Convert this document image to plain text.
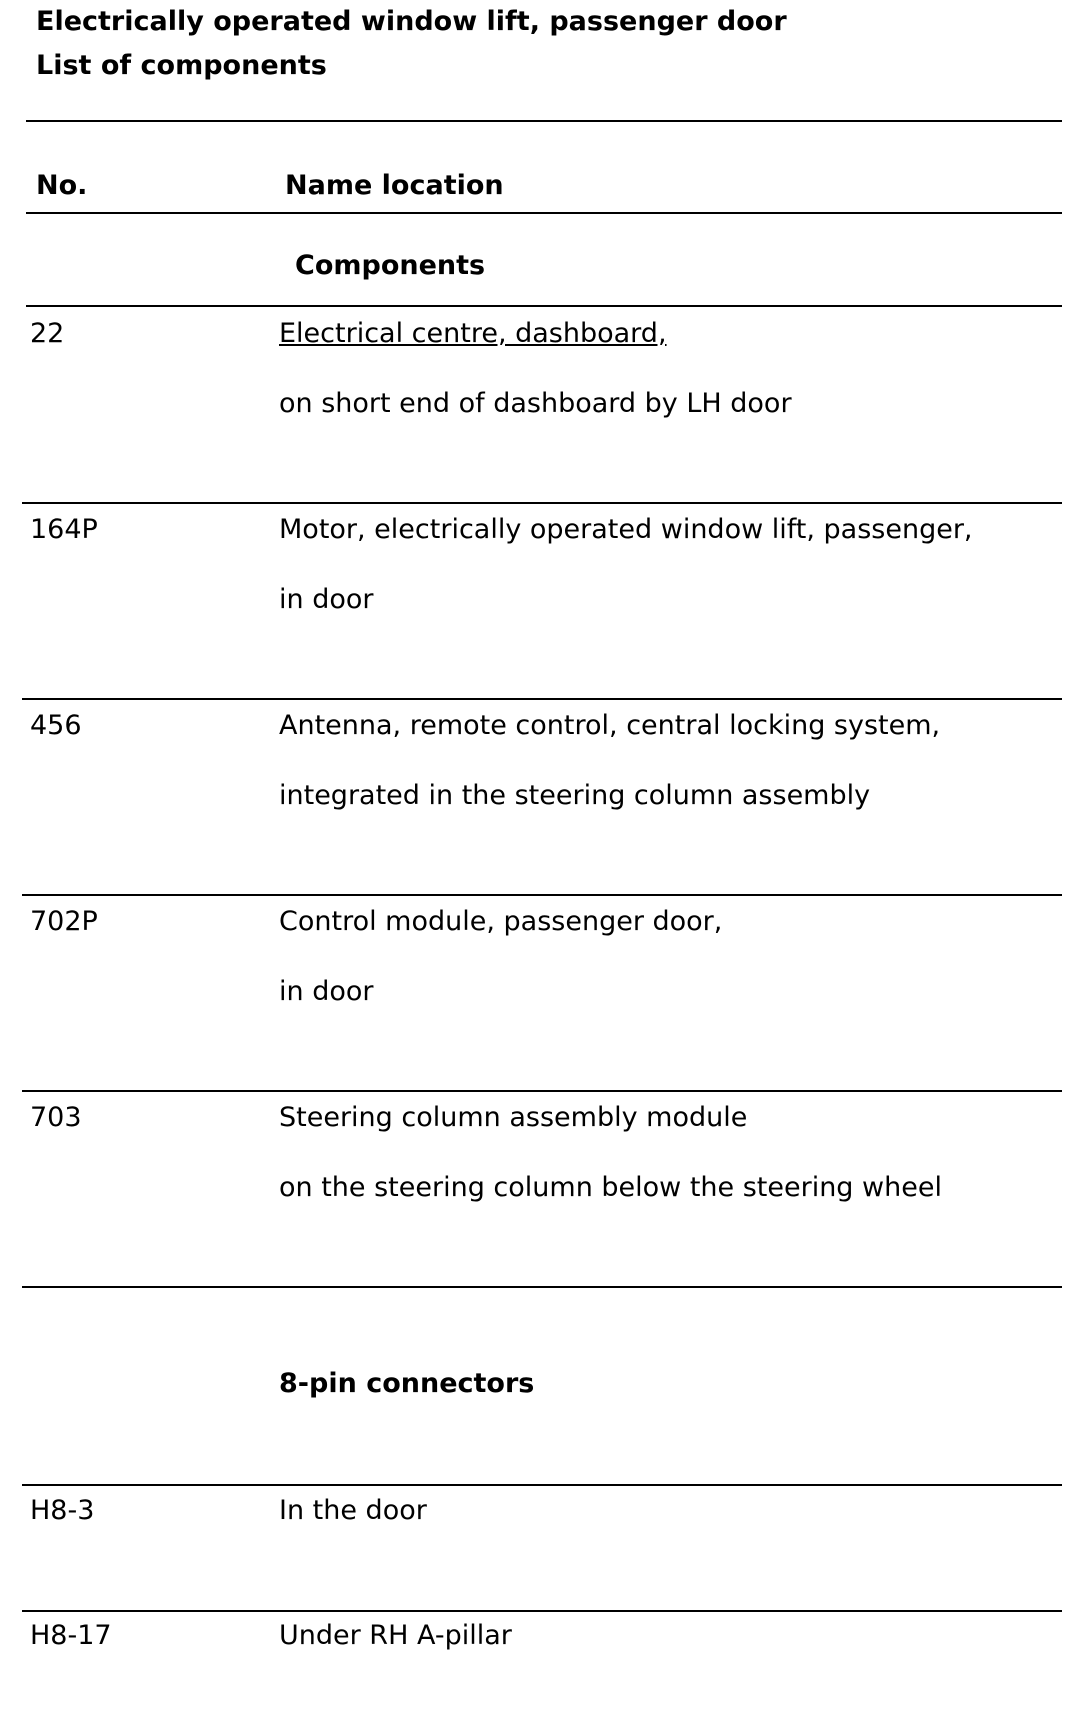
Electrically operated window lift, passenger door
List of components
No.	Name location
Components
22	Electrical centre, dashboard,
on short end of dashboard by LH door
164P	Motor, electrically operated window lift, passenger,
in door
456	Antenna, remote control, central locking system,
integrated in the steering column assembly
702P	Control module, passenger door,
in door
703	Steering column assembly module
on the steering column below the steering wheel
8-pin connectors
H8-3	In the door
H8-17	Under RH A-pillar
